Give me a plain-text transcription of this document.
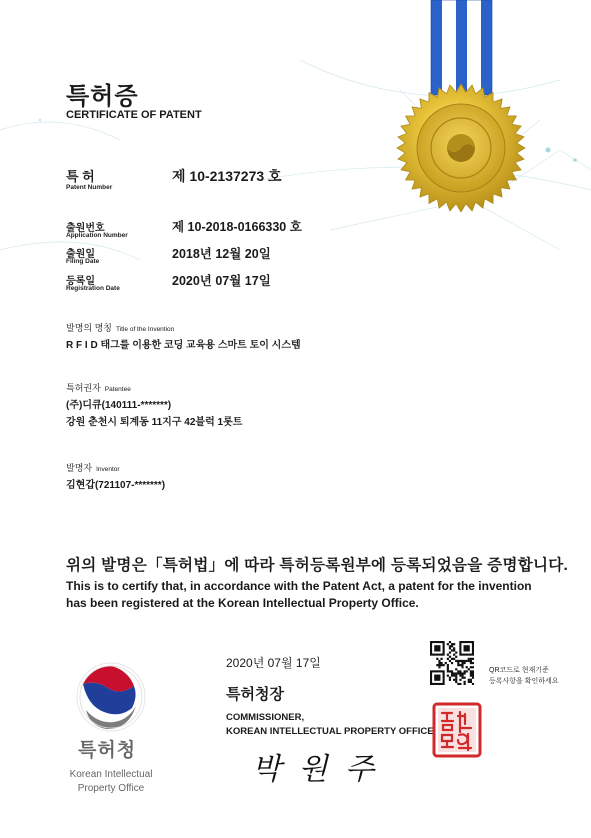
특허증
CERTIFICATE OF PATENT
특 허
Patent Number
제 10-2137273 호
출원번호
Application Number
제 10-2018-0166330 호
출원일
Filing Date
2018년 12월 20일
등록일
Registration Date
2020년 07월 17일
발명의 명칭 Title of the Invention
R F I D 태그를 이용한 코딩 교육용 스마트 토이 시스템
특허권자 Patentee
(주)디큐(140111-*******)
강원 춘천시 퇴계동 11지구 42블럭 1롯트
발명자 Inventor
김현갑(721107-*******)
위의 발명은「특허법」에 따라 특허등록원부에 등록되었음을 증명합니다.
This is to certify that, in accordance with the Patent Act, a patent for the invention has been registered at the Korean Intellectual Property Office.
2020년 07월 17일
특허청장
COMMISSIONER,
KOREAN INTELLECTUAL PROPERTY OFFICE
박 원 주
QR코드로 현재기준
등록사항을 확인하세요
특허청
Korean Intellectual
Property Office
